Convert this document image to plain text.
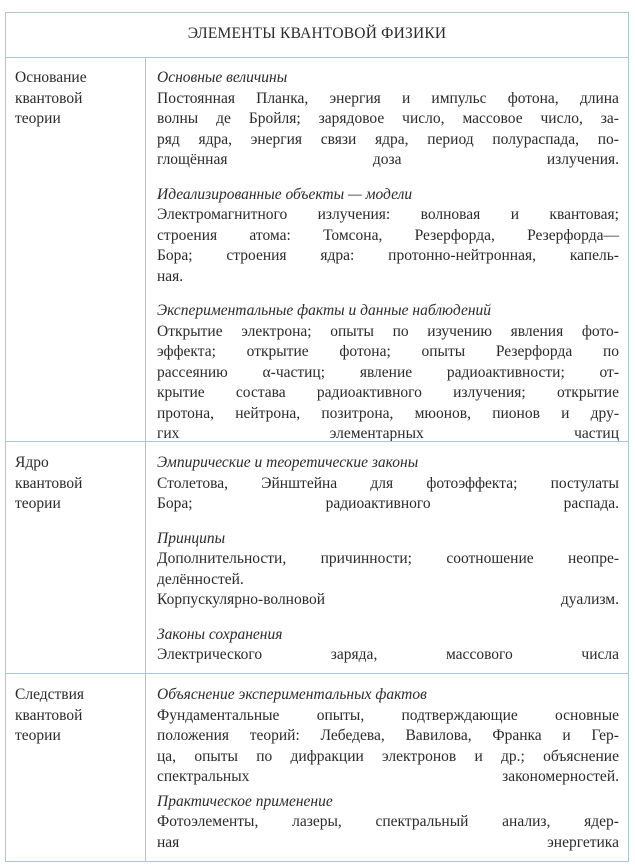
ЭЛЕМЕНТЫ КВАНТОВОЙ ФИЗИКИ
Основание
квантовой
теории
Основные величины
Постоянная Планка, энергия и импульс фотона, длина
волны де Бройля; зарядовое число, массовое число, за-
ряд ядра, энергия связи ядра, период полураспада, по-
глощённая доза излучения.
Идеализированные объекты — модели
Электромагнитного излучения: волновая и квантовая;
строения атома: Томсона, Резерфорда, Резерфорда—
Бора; строения ядра: протонно-нейтронная, капель-
ная.
Экспериментальные факты и данные наблюдений
Открытие электрона; опыты по изучению явления фото-
эффекта; открытие фотона; опыты Резерфорда по
рассеянию α-частиц; явление радиоактивности; от-
крытие состава радиоактивного излучения; открытие
протона, нейтрона, позитрона, мюонов, пионов и дру-
гих элементарных частиц
Ядро
квантовой
теории
Эмпирические и теоретические законы
Столетова, Эйнштейна для фотоэффекта; постулаты
Бора; радиоактивного распада.
Принципы
Дополнительности, причинности; соотношение неопре-
делённостей.
Корпускулярно-волновой дуализм.
Законы сохранения
Электрического заряда, массового числа
Следствия
квантовой
теории
Объяснение экспериментальных фактов
Фундаментальные опыты, подтверждающие основные
положения теорий: Лебедева, Вавилова, Франка и Гер-
ца, опыты по дифракции электронов и др.; объяснение
спектральных закономерностей.
Практическое применение
Фотоэлементы, лазеры, спектральный анализ, ядер-
ная энергетика
